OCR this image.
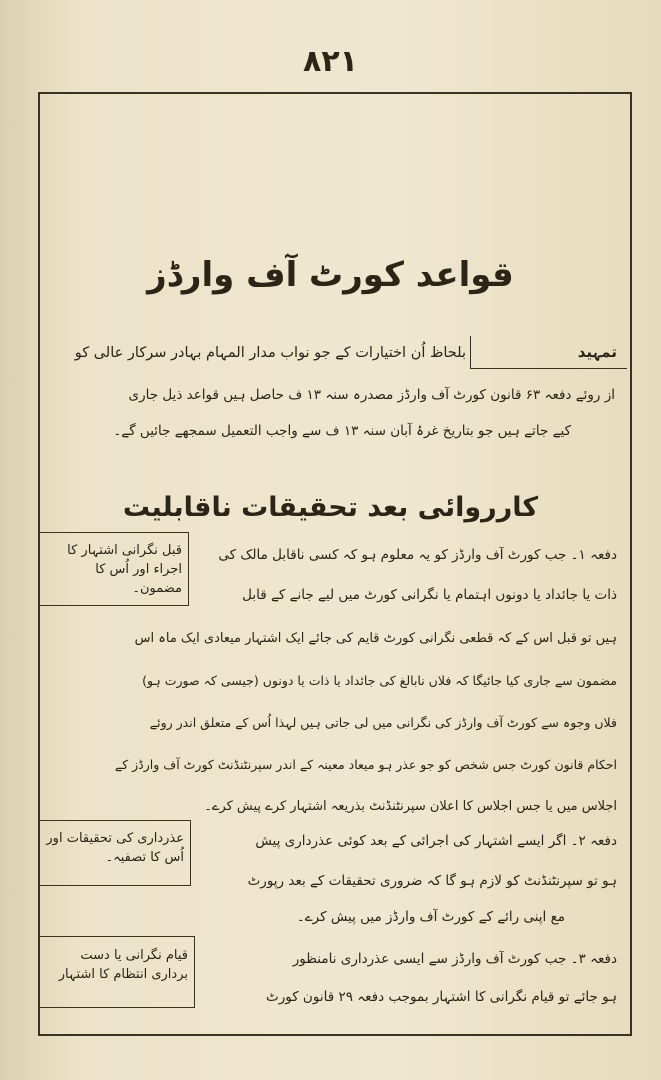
۸۲۱
قواعد کورٹ آف وارڈز
تمہید
بلحاظ اُن اختیارات کے جو نواب مدار المہام بہادر سرکار عالی کو
از روئے دفعہ ۶۳ قانون کورٹ آف وارڈز مصدرہ سنہ ۱۳ ف حاصل ہیں قواعد ذیل جاری
کیے جاتے ہیں جو بتاریخ غرۂ آبان سنہ ۱۳ ف سے واجب التعمیل سمجھے جائیں گے۔
کارروائی بعد تحقیقات ناقابلیت
قبل نگرانی اشتہار کا اجراء اور اُس کا مضمون۔
دفعہ ۱۔ جب کورٹ آف وارڈز کو یہ معلوم ہو کہ کسی ناقابل مالک کی
ذات یا جائداد یا دونوں اہتمام یا نگرانی کورٹ میں لیے جانے کے قابل
ہیں تو قبل اس کے کہ قطعی نگرانی کورٹ قایم کی جائے ایک اشتہار میعادی ایک ماہ اس
مضمون سے جاری کیا جائیگا کہ فلاں نابالغ کی جائداد یا ذات یا دونوں (جیسی کہ صورت ہو)
فلاں وجوہ سے کورٹ آف وارڈز کی نگرانی میں لی جاتی ہیں لہذا اُس کے متعلق اندر روئے
احکام قانون کورٹ جس شخص کو جو عذر ہو میعاد معینہ کے اندر سپرنٹنڈنٹ کورٹ آف وارڈز کے
اجلاس میں یا جس اجلاس کا اعلان سپرنٹنڈنٹ بذریعہ اشتہار کرے پیش کرے۔
عذرداری کی تحقیقات اور اُس کا تصفیہ۔
دفعہ ۲۔ اگر ایسے اشتہار کی اجرائی کے بعد کوئی عذرداری پیش
ہو تو سپرنٹنڈنٹ کو لازم ہو گا کہ ضروری تحقیقات کے بعد رپورٹ
مع اپنی رائے کے کورٹ آف وارڈز میں پیش کرے۔
قیام نگرانی یا دست برداری انتظام کا اشتہار
دفعہ ۳۔ جب کورٹ آف وارڈز سے ایسی عذرداری نامنظور
ہو جائے تو قیام نگرانی کا اشتہار بموجب دفعہ ۲۹ قانون کورٹ
